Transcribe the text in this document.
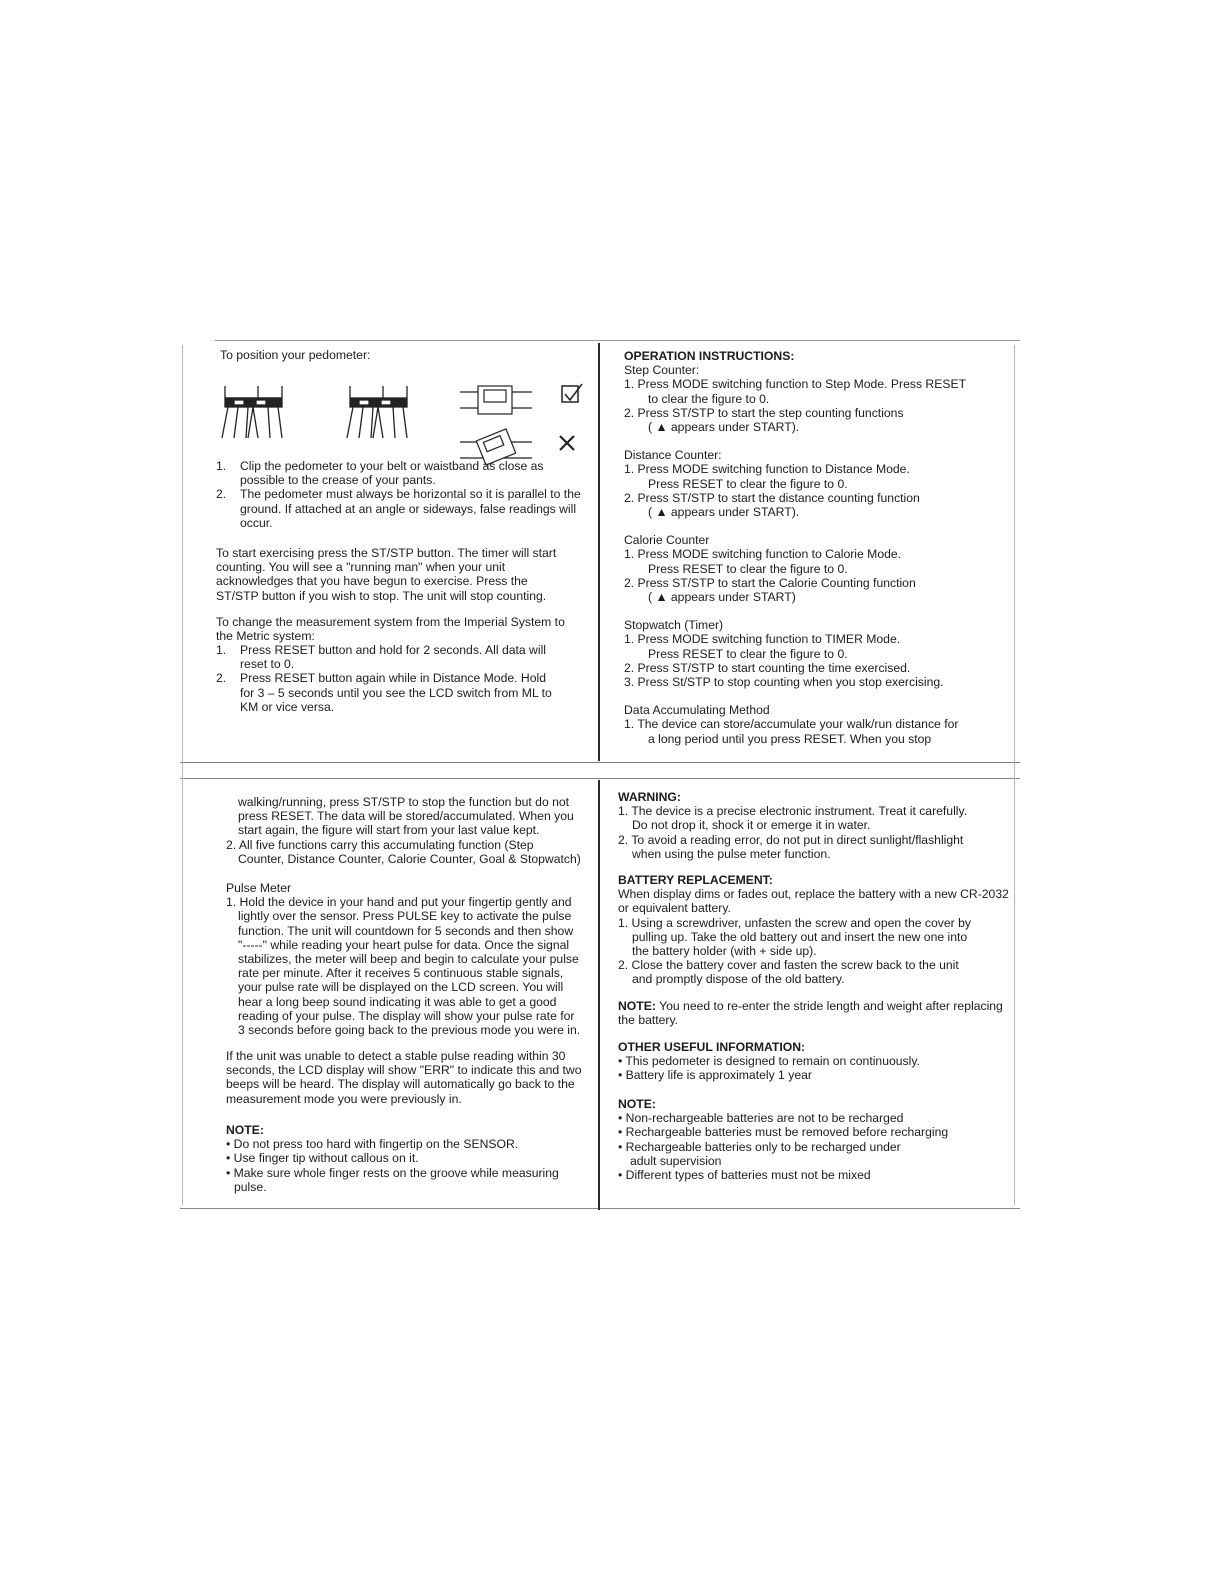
To position your pedometer:

1. Clip the pedometer to your belt or waistband as close as possible to the crease of your pants.
2. The pedometer must always be horizontal so it is parallel to the ground. If attached at an angle or sideways, false readings will occur.

To start exercising press the ST/STP button. The timer will start counting. You will see a "running man" when your unit acknowledges that you have begun to exercise. Press the ST/STP button if you wish to stop. The unit will stop counting.

To change the measurement system from the Imperial System to the Metric system:

1. Press RESET button and hold for 2 seconds. All data will reset to 0.
2. Press RESET button again while in Distance Mode. Hold for 3 – 5 seconds until you see the LCD switch from ML to KM or vice versa.

OPERATION INSTRUCTIONS:

Step Counter:

1. Press MODE switching function to Step Mode. Press RESET

to clear the figure to 0.

2. Press ST/STP to start the step counting functions

( ▲ appears under START).

Distance Counter:

1. Press MODE switching function to Distance Mode.

Press RESET to clear the figure to 0.

2. Press ST/STP to start the distance counting function

( ▲ appears under START).

Calorie Counter

1. Press MODE switching function to Calorie Mode.

Press RESET to clear the figure to 0.

2. Press ST/STP to start the Calorie Counting function

( ▲ appears under START)

Stopwatch (Timer)

1. Press MODE switching function to TIMER Mode.

Press RESET to clear the figure to 0.

2. Press ST/STP to start counting the time exercised.

3. Press St/STP to stop counting when you stop exercising.

Data Accumulating Method

1. The device can store/accumulate your walk/run distance for

a long period until you press RESET. When you stop

walking/running, press ST/STP to stop the function but do not

press RESET. The data will be stored/accumulated. When you

start again, the figure will start from your last value kept.

2. All five functions carry this accumulating function (Step

Counter, Distance Counter, Calorie Counter, Goal & Stopwatch)

Pulse Meter

1. Hold the device in your hand and put your fingertip gently and

lightly over the sensor. Press PULSE key to activate the pulse

function. The unit will countdown for 5 seconds and then show

"-----" while reading your heart pulse for data. Once the signal

stabilizes, the meter will beep and begin to calculate your pulse

rate per minute. After it receives 5 continuous stable signals,

your pulse rate will be displayed on the LCD screen. You will

hear a long beep sound indicating it was able to get a good

reading of your pulse. The display will show your pulse rate for

3 seconds before going back to the previous mode you were in.

If the unit was unable to detect a stable pulse reading within 30 seconds, the LCD display will show "ERR" to indicate this and two beeps will be heard. The display will automatically go back to the measurement mode you were previously in.

NOTE:

• Do not press too hard with fingertip on the SENSOR.

• Use finger tip without callous on it.

• Make sure whole finger rests on the groove while measuring

pulse.

WARNING:

1. The device is a precise electronic instrument. Treat it carefully.

Do not drop it, shock it or emerge it in water.

2. To avoid a reading error, do not put in direct sunlight/flashlight

when using the pulse meter function.

BATTERY REPLACEMENT:

When display dims or fades out, replace the battery with a new CR-2032 or equivalent battery.

1. Using a screwdriver, unfasten the screw and open the cover by

pulling up. Take the old battery out and insert the new one into

the battery holder (with + side up).

2. Close the battery cover and fasten the screw back to the unit

and promptly dispose of the old battery.

NOTE: You need to re-enter the stride length and weight after replacing the battery.

OTHER USEFUL INFORMATION:

• This pedometer is designed to remain on continuously.

• Battery life is approximately 1 year

NOTE:

• Non-rechargeable batteries are not to be recharged

• Rechargeable batteries must be removed before recharging

• Rechargeable batteries only to be recharged under

adult supervision

• Different types of batteries must not be mixed
